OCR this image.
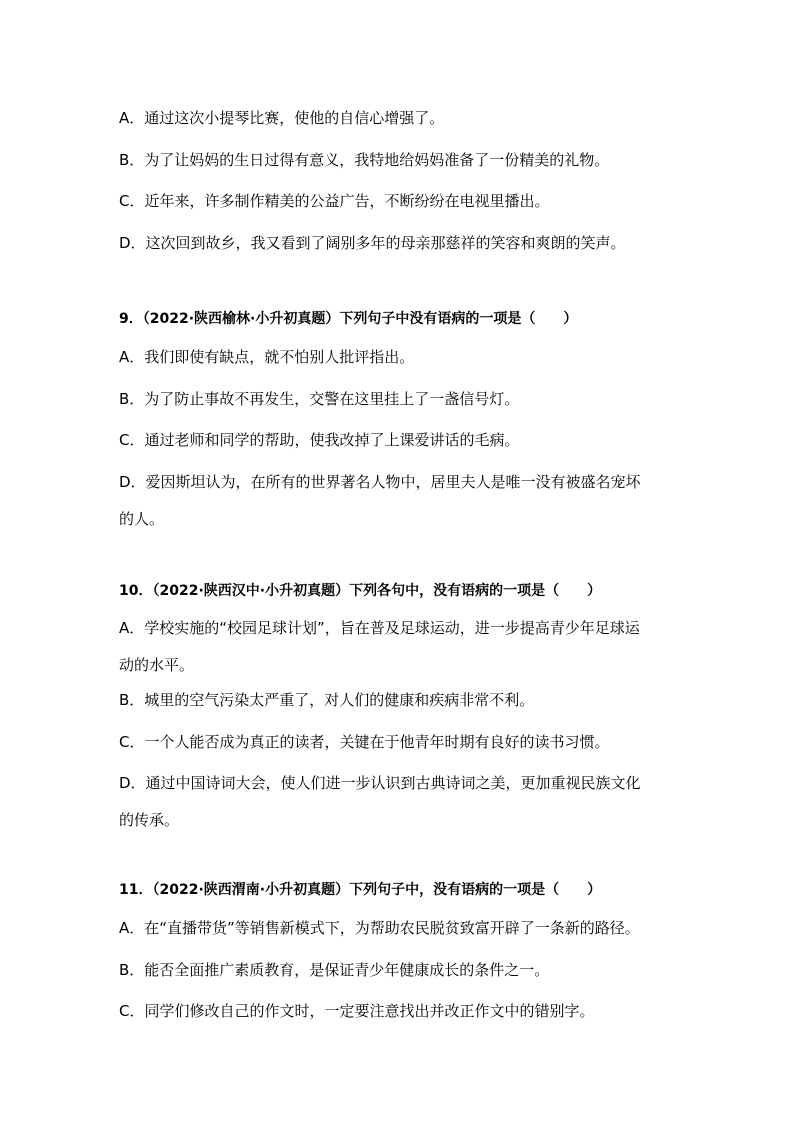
A．通过这次小提琴比赛，使他的自信心增强了。
B．为了让妈妈的生日过得有意义，我特地给妈妈准备了一份精美的礼物。
C．近年来，许多制作精美的公益广告，不断纷纷在电视里播出。
D．这次回到故乡，我又看到了阔别多年的母亲那慈祥的笑容和爽朗的笑声。
9．（2022·陕西榆林·小升初真题）下列句子中没有语病的一项是（　　）
A．我们即使有缺点，就不怕别人批评指出。
B．为了防止事故不再发生，交警在这里挂上了一盏信号灯。
C．通过老师和同学的帮助，使我改掉了上课爱讲话的毛病。
D．爱因斯坦认为，在所有的世界著名人物中，居里夫人是唯一没有被盛名宠坏
的人。
10．（2022·陕西汉中·小升初真题）下列各句中，没有语病的一项是（　　）
A．学校实施的“校园足球计划”，旨在普及足球运动，进一步提高青少年足球运
动的水平。
B．城里的空气污染太严重了，对人们的健康和疾病非常不利。
C．一个人能否成为真正的读者，关键在于他青年时期有良好的读书习惯。
D．通过中国诗词大会，使人们进一步认识到古典诗词之美，更加重视民族文化
的传承。
11．（2022·陕西渭南·小升初真题）下列句子中，没有语病的一项是（　　）
A．在“直播带货”等销售新模式下，为帮助农民脱贫致富开辟了一条新的路径。
B．能否全面推广素质教育，是保证青少年健康成长的条件之一。
C．同学们修改自己的作文时，一定要注意找出并改正作文中的错别字。
